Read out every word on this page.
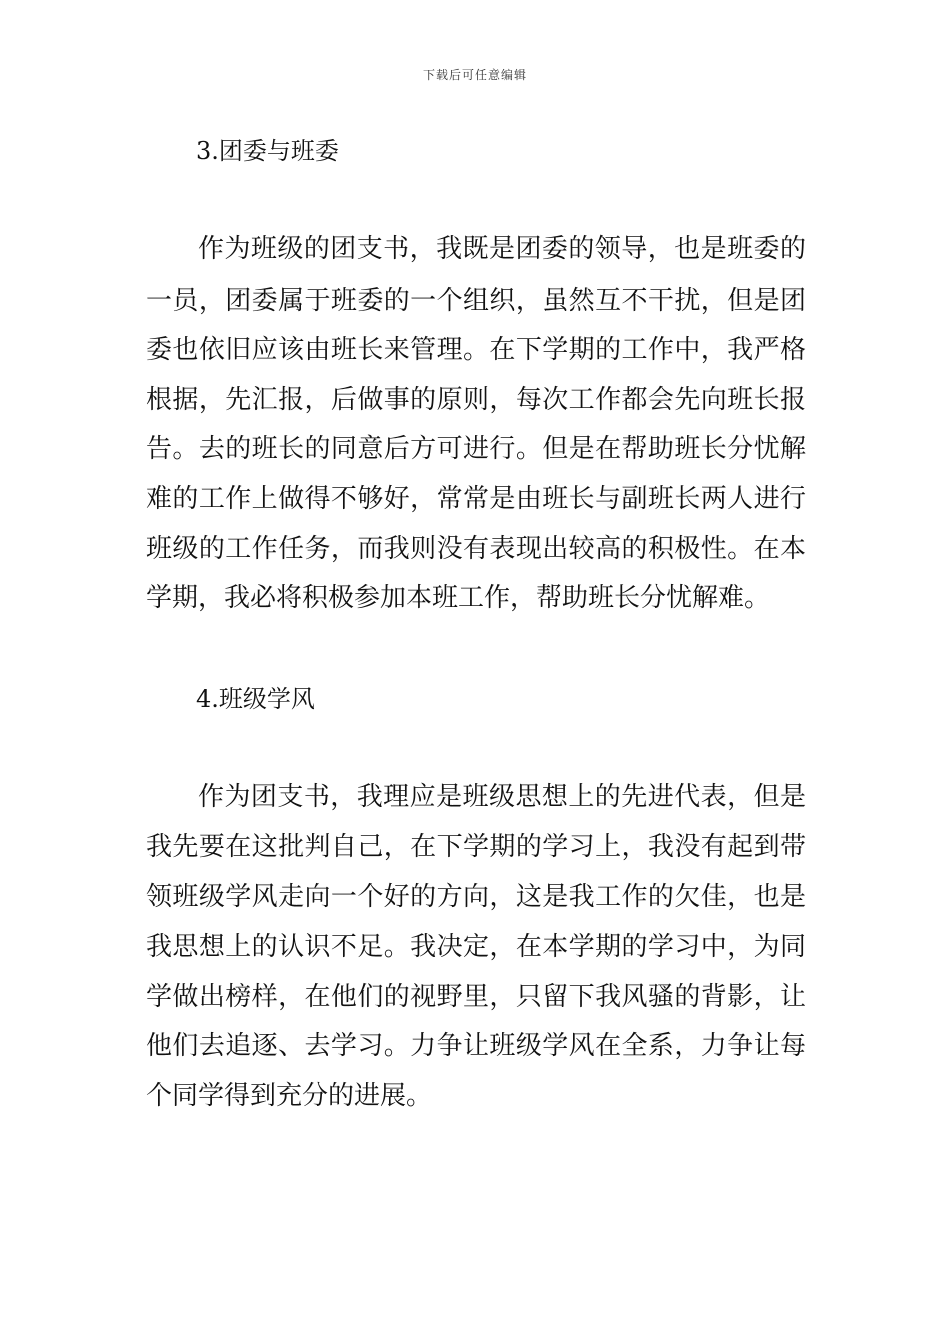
下载后可任意编辑
3.团委与班委
作为班级的团支书，我既是团委的领导，也是班委的
一员，团委属于班委的一个组织，虽然互不干扰，但是团
委也依旧应该由班长来管理。在下学期的工作中，我严格
根据，先汇报，后做事的原则，每次工作都会先向班长报
告。去的班长的同意后方可进行。但是在帮助班长分忧解
难的工作上做得不够好，常常是由班长与副班长两人进行
班级的工作任务，而我则没有表现出较高的积极性。在本
学期，我必将积极参加本班工作，帮助班长分忧解难。
4.班级学风
作为团支书，我理应是班级思想上的先进代表，但是
我先要在这批判自己，在下学期的学习上，我没有起到带
领班级学风走向一个好的方向，这是我工作的欠佳，也是
我思想上的认识不足。我决定，在本学期的学习中，为同
学做出榜样，在他们的视野里，只留下我风骚的背影，让
他们去追逐、去学习。力争让班级学风在全系，力争让每
个同学得到充分的进展。
